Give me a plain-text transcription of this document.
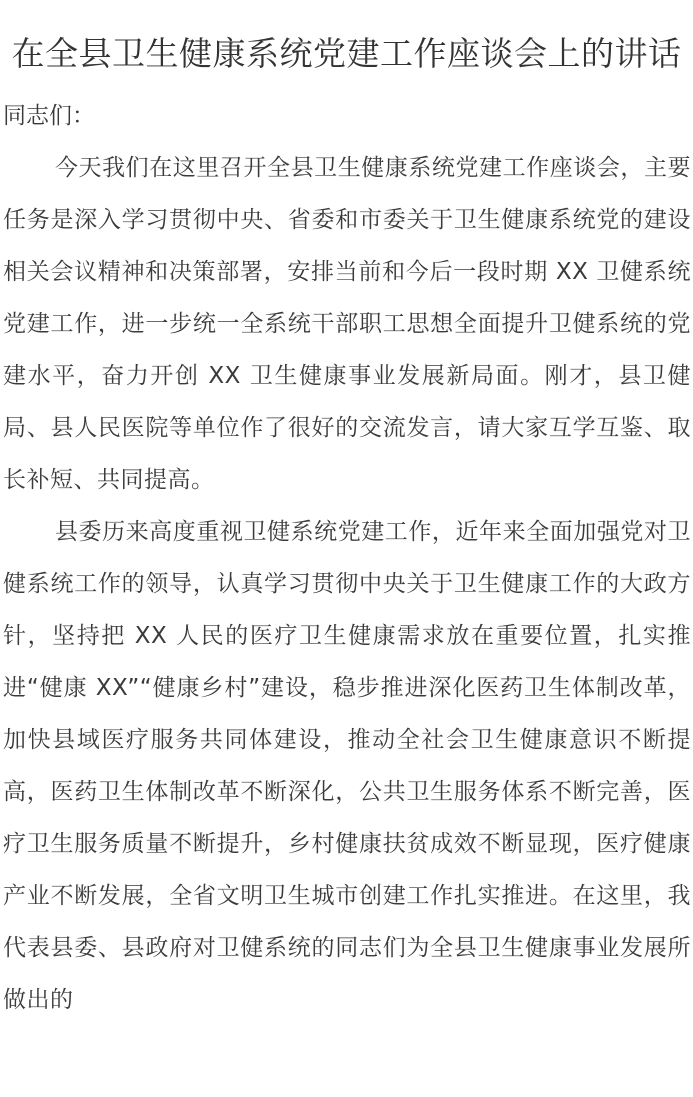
在全县卫生健康系统党建工作座谈会上的讲话

同志们：

今天我们在这里召开全县卫生健康系统党建工作座谈会，主要任务是深入学习贯彻中央、省委和市委关于卫生健康系统党的建设相关会议精神和决策部署，安排当前和今后一段时期 XX 卫健系统党建工作，进一步统一全系统干部职工思想全面提升卫健系统的党建水平，奋力开创 XX 卫生健康事业发展新局面。刚才，县卫健局、县人民医院等单位作了很好的交流发言，请大家互学互鉴、取长补短、共同提高。

县委历来高度重视卫健系统党建工作，近年来全面加强党对卫健系统工作的领导，认真学习贯彻中央关于卫生健康工作的大政方针，坚持把 XX 人民的医疗卫生健康需求放在重要位置，扎实推进“健康 XX”“健康乡村”建设，稳步推进深化医药卫生体制改革，加快县域医疗服务共同体建设，推动全社会卫生健康意识不断提高，医药卫生体制改革不断深化，公共卫生服务体系不断完善，医疗卫生服务质量不断提升，乡村健康扶贫成效不断显现，医疗健康产业不断发展，全省文明卫生城市创建工作扎实推进。在这里，我代表县委、县政府对卫健系统的同志们为全县卫生健康事业发展所做出的
